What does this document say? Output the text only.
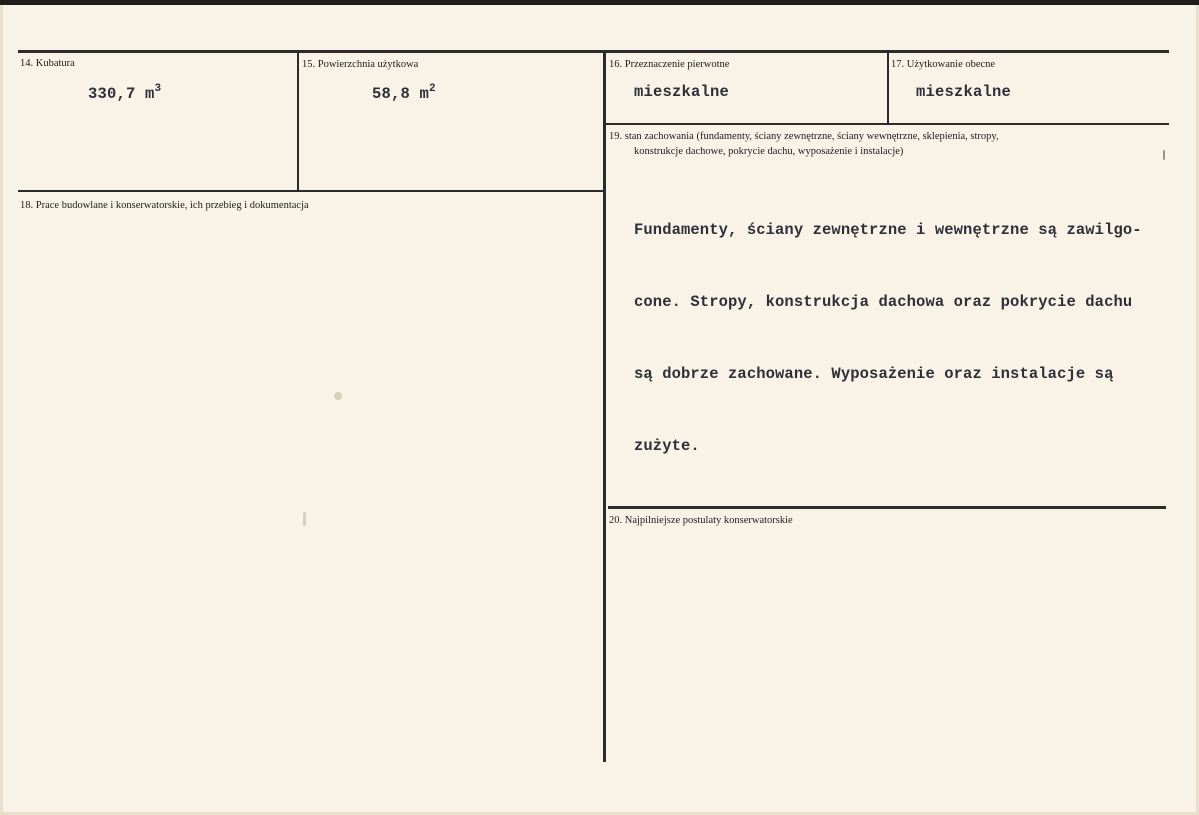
14. Kubatura
330,7 $m^3$
15. Powierzchnia użytkowa
58,8 $m^2$
16. Przeznaczenie pierwotne
mieszkalne
17. Użytkowanie obecne
mieszkalne
18. Prace budowlane i konserwatorskie, ich przebieg i dokumentacja
19. stan zachowania (fundamenty, ściany zewnętrzne, ściany wewnętrzne, sklepienia, stropy,
konstrukcje dachowe, pokrycie dachu, wyposażenie i instalacje)

Fundamenty, ściany zewnętrzne i wewnętrzne są zawilgo-

cone. Stropy, konstrukcja dachowa oraz pokrycie dachu

są dobrze zachowane. Wyposażenie oraz instalacje są

zużyte.

20. Najpilniejsze postulaty konserwatorskie
